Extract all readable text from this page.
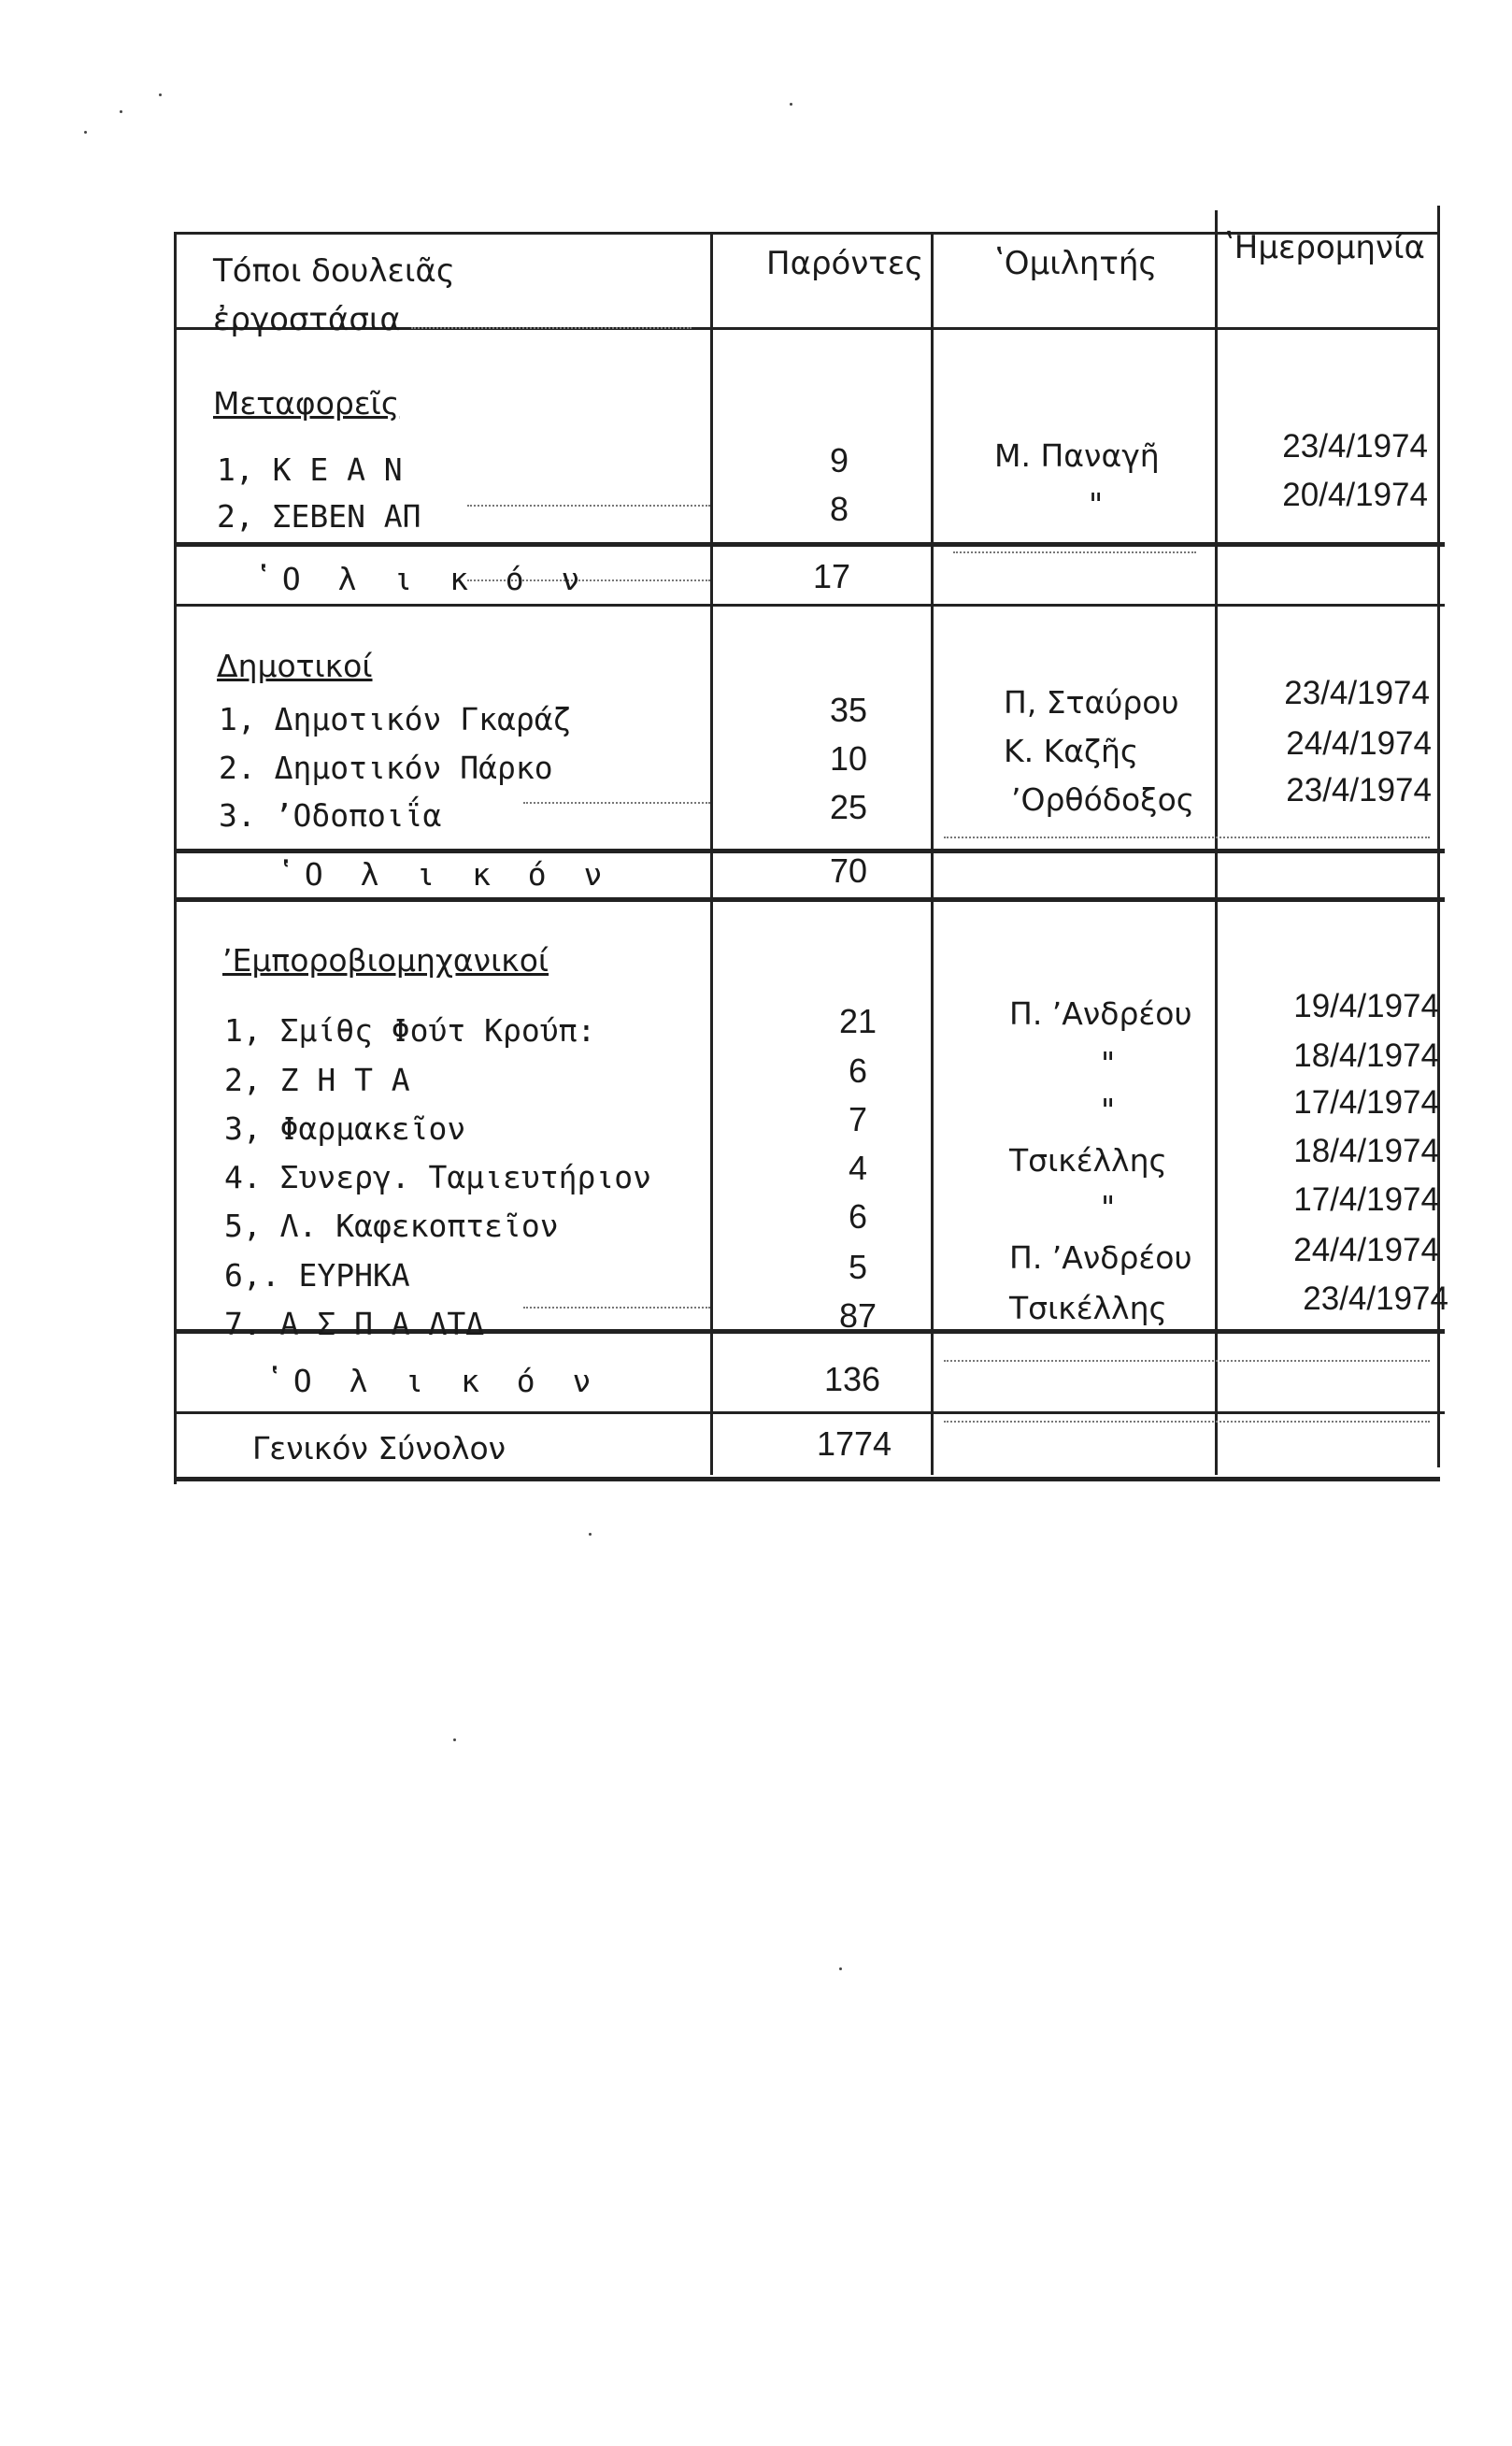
Τόποι δουλειᾶς
ἐργοστάσια
Παρόντες ʽΟμιλητής ʽΗμερομηνία
Μεταφορεῖς
1, Κ Ε Α Ν	9	Μ. Παναγῆ	23/4/1974
2, ΣΕΒΕΝ ΑΠ	8	"	20/4/1974
ʽΟ λ ι κ ό ν	17
Δημοτικοί
1, Δημοτικόν Γκαράζ	35	Π, Σταύρου	23/4/1974
2. Δημοτικόν Πάρκο	10	Κ. Καζῆς	24/4/1974
3. ʼΟδοποιΐα	25	ʼΟρθόδοξος	23/4/1974
ʽΟ λ ι κ ό ν	70
ʼΕμποροβιομηχανικοί
1, Σμίθς Φούτ Κρούπ:	21	Π. ʼΑνδρέου	19/4/1974
2, Ζ Η Τ Α	6	"	18/4/1974
3, Φαρμακεῖον	7	"	17/4/1974
4. Συνεργ. Ταμιευτήριον	4	Τσικέλλης	18/4/1974
5, Λ. Καφεκοπτεῖον	6	"	17/4/1974
6,. ΕΥΡΗΚΑ	5	Π. ʼΑνδρέου	24/4/1974
7. Α Σ Π Α ΛΤΔ	87	Τσικέλλης	23/4/1974
ʽΟ λ ι κ ό ν	136
Γενικόν Σύνολον	1774
